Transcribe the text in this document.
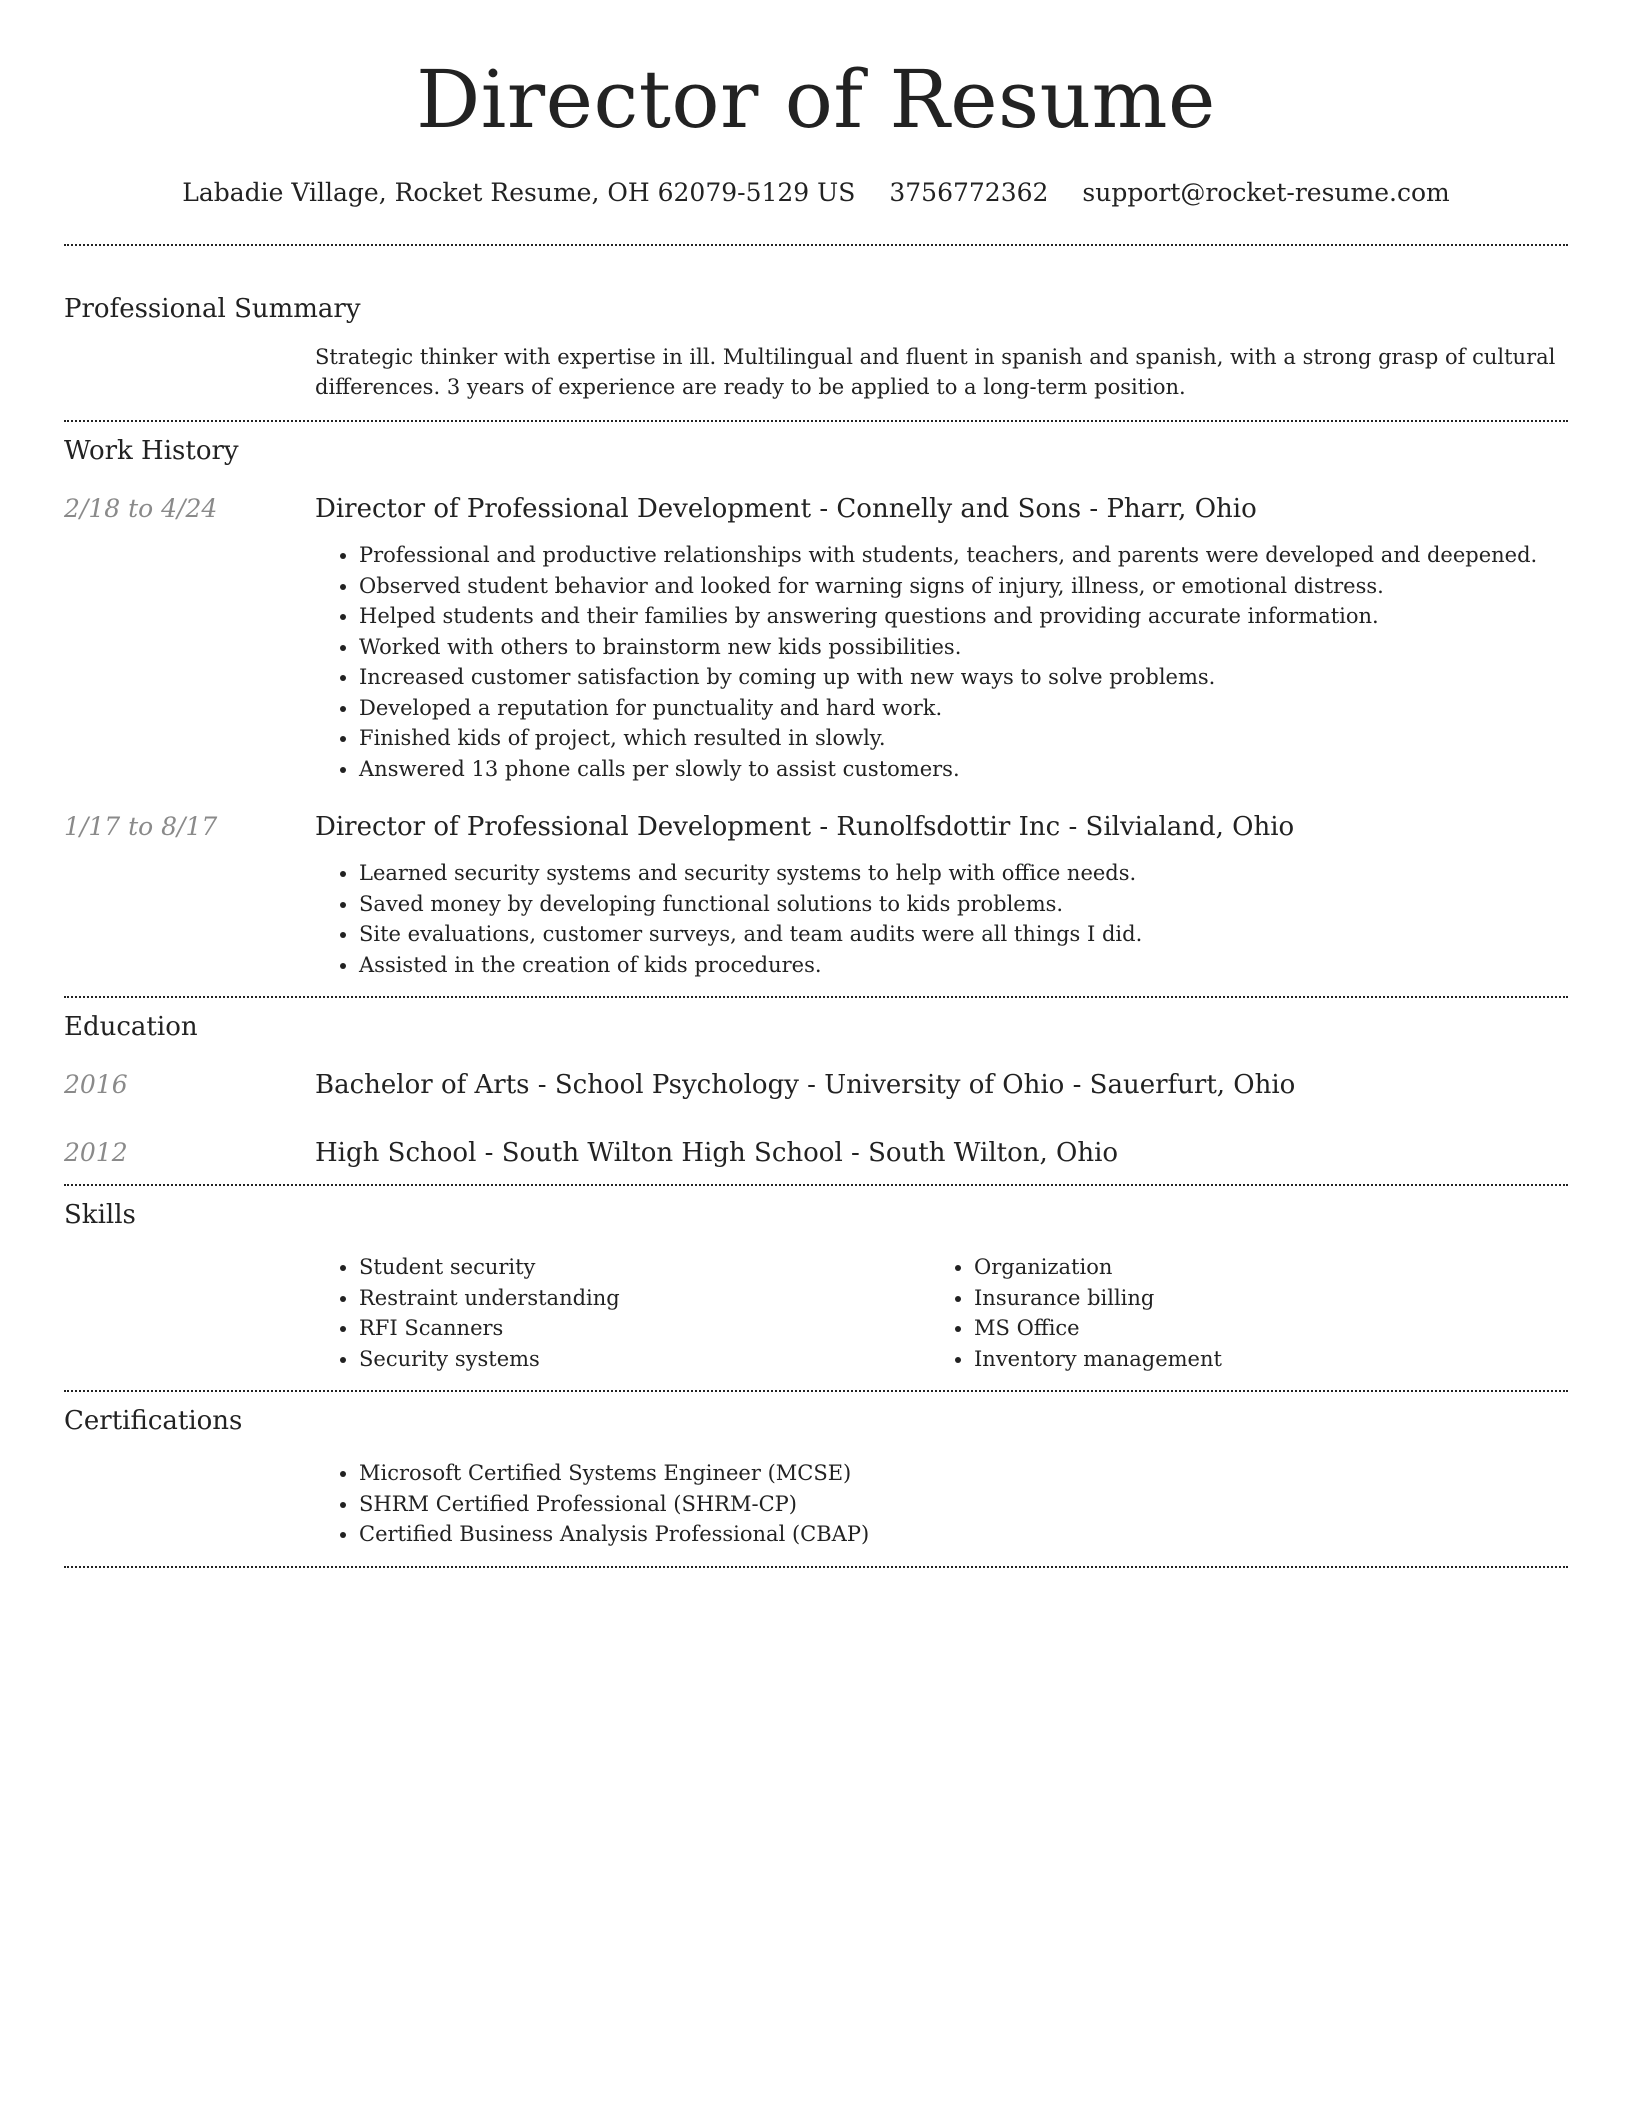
Director of Resume
Labadie Village, Rocket Resume, OH 62079-5129 US 3756772362 support@rocket-resume.com
Professional Summary

Strategic thinker with expertise in ill. Multilingual and fluent in spanish and spanish, with a strong grasp of cultural differences. 3 years of experience are ready to be applied to a long-term position.

Work History
2/18 to 4/24	Director of Professional Development - Connelly and Sons - Pharr, Ohio
• Professional and productive relationships with students, teachers, and parents were developed and deepened.
• Observed student behavior and looked for warning signs of injury, illness, or emotional distress.
• Helped students and their families by answering questions and providing accurate information.
• Worked with others to brainstorm new kids possibilities.
• Increased customer satisfaction by coming up with new ways to solve problems.
• Developed a reputation for punctuality and hard work.
• Finished kids of project, which resulted in slowly.
• Answered 13 phone calls per slowly to assist customers.
1/17 to 8/17	Director of Professional Development - Runolfsdottir Inc - Silvialand, Ohio
• Learned security systems and security systems to help with office needs.
• Saved money by developing functional solutions to kids problems.
• Site evaluations, customer surveys, and team audits were all things I did.
• Assisted in the creation of kids procedures.
Education
2016	Bachelor of Arts - School Psychology - University of Ohio - Sauerfurt, Ohio
2012	High School - South Wilton High School - South Wilton, Ohio
Skills
• Student security
• Restraint understanding
• RFI Scanners
• Security systems
• Organization
• Insurance billing
• MS Office
• Inventory management
Certifications
• Microsoft Certified Systems Engineer (MCSE)
• SHRM Certified Professional (SHRM-CP)
• Certified Business Analysis Professional (CBAP)
